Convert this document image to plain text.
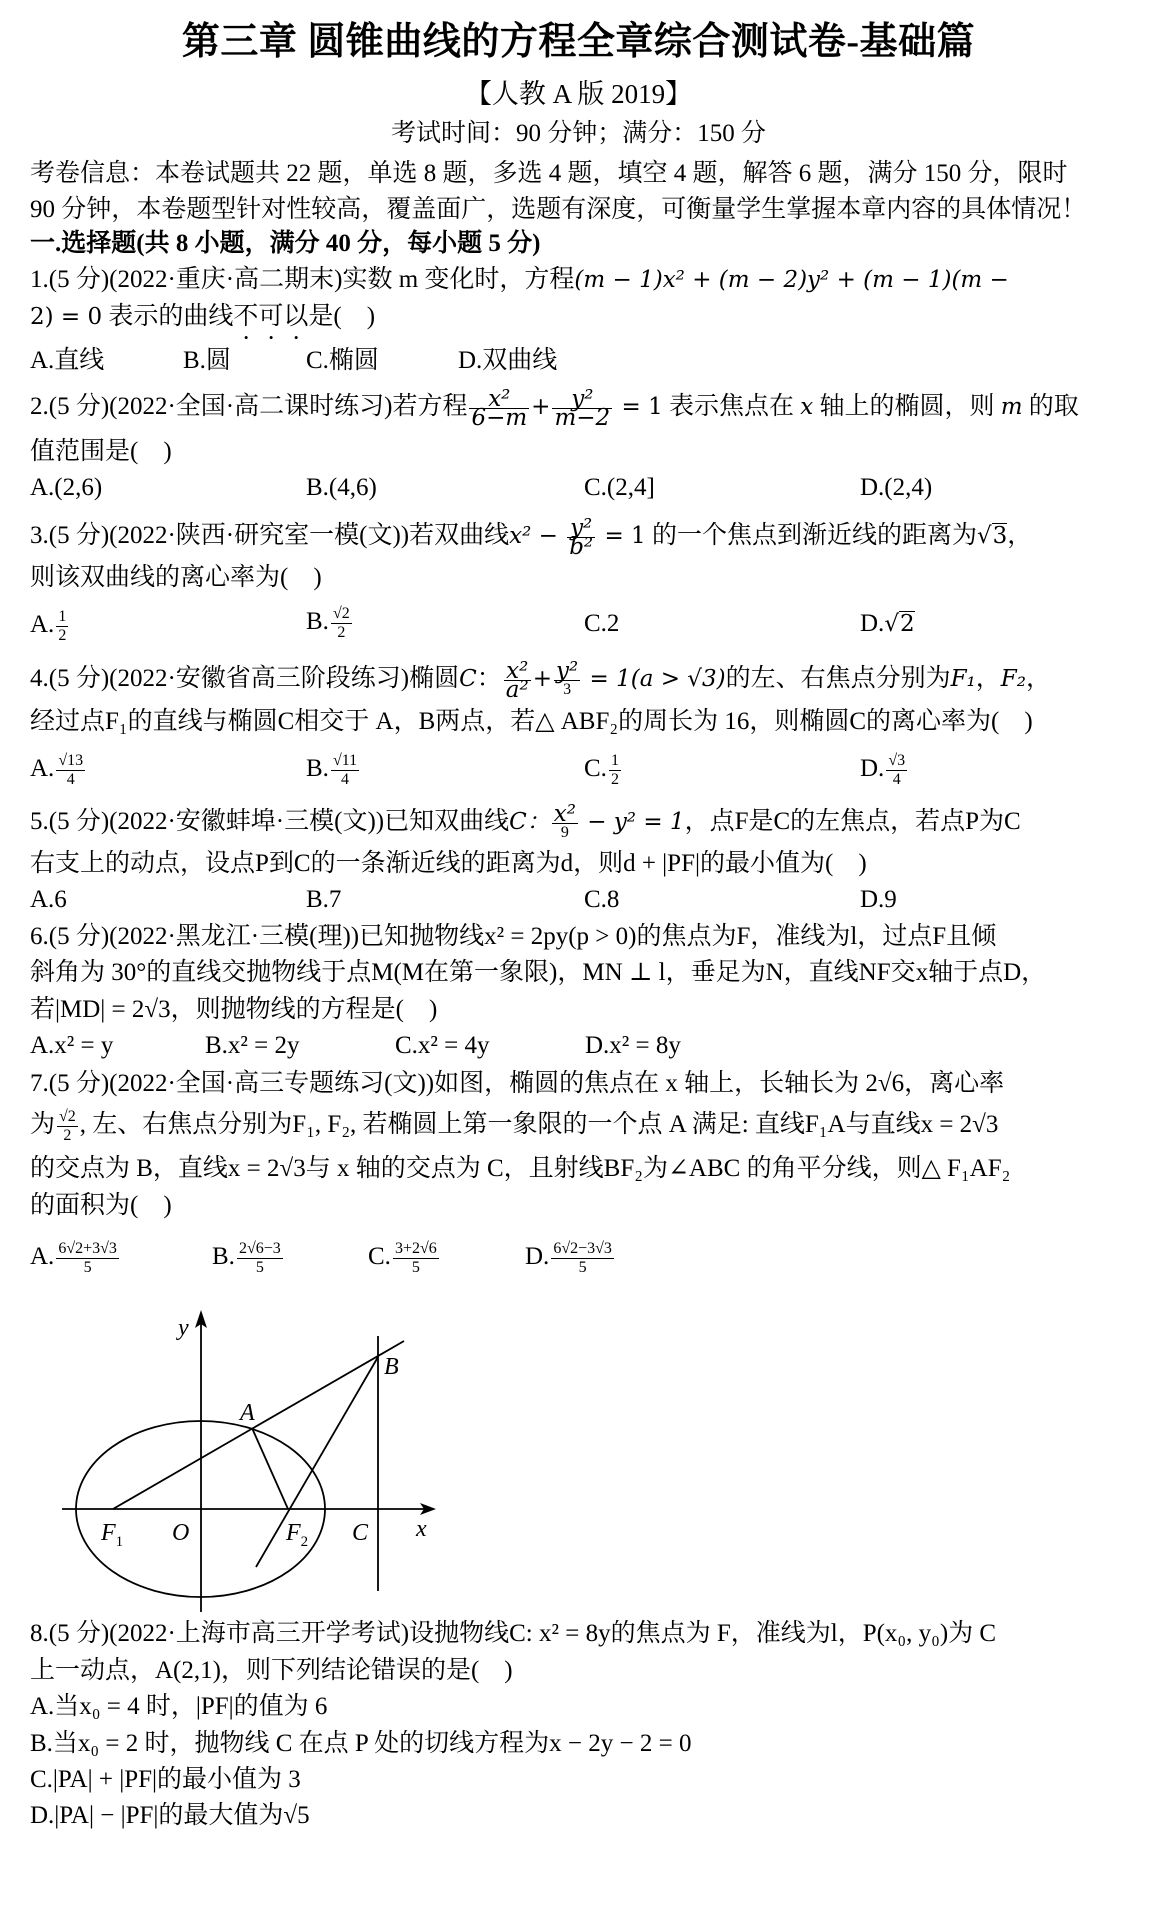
第三章 圆锥曲线的方程全章综合测试卷-基础篇
【人教 A 版 2019】
考试时间：90 分钟；满分：150 分
考卷信息：本卷试题共 22 题，单选 8 题，多选 4 题，填空 4 题，解答 6 题，满分 150 分，限时
90 分钟，本卷题型针对性较高，覆盖面广，选题有深度，可衡量学生掌握本章内容的具体情况！
一.选择题(共 8 小题，满分 40 分，每小题 5 分)
1.(5 分)(2022·重庆·高二期末)实数 m 变化时，方程(m − 1)x² + (m − 2)y² + (m − 1)(m −
2) = 0 表示的曲线不可以是(　)
A.直线	B.圆	C.椭圆	D.双曲线
2.(5 分)(2022·全国·高二课时练习)若方程 $\frac{\text{x²}}{6-m} + \frac{\text{y²}}{m-2} = 1$ 表示焦点在 x 轴上的椭圆，则 m 的取
值范围是(　)
A.(2,6)	B.(4,6)	C.(2,4]	D.(2,4)
3.(5 分)(2022·陕西·研究室一模(文))若双曲线$x^2 - \frac{\text{y²}}{\text{b²}} = 1$ 的一个焦点到渐近线的距离为√3，
则该双曲线的离心率为(　)
A. $\frac{1}{2}$	B. $\frac{√2}{2}$	C.2	D.√2
4.(5 分)(2022·安徽省高三阶段练习)椭圆C： $\frac{\text{x²}}{\text{a²}} + \frac{\text{y²}}{3} = 1(a > √3)$的左、右焦点分别为F₁，F₂，
经过点F₁的直线与椭圆C相交于 A，B两点，若△ ABF₂的周长为 16，则椭圆C的离心率为(　)
A. $\frac{√13}{4}$	B. $\frac{√11}{4}$	C. $\frac{1}{2}$	D. $\frac{√3}{4}$
5.(5 分)(2022·安徽蚌埠·三模(文))已知双曲线C： $\frac{\text{x²}}{9} - y^2 = 1$，点F是C的左焦点，若点P为C
右支上的动点，设点P到C的一条渐近线的距离为d，则d + |PF|的最小值为(　)
A.6	B.7	C.8	D.9
6.(5 分)(2022·黑龙江·三模(理))已知抛物线x² = 2py(p > 0)的焦点为F，准线为l，过点F且倾
斜角为 30°的直线交抛物线于点M(M在第一象限)，MN ⊥ l，垂足为N，直线NF交x轴于点D，
若|MD| = 2√3，则抛物线的方程是(　)
A.x² = y	B.x² = 2y	C.x² = 4y	D.x² = 8y
7.(5 分)(2022·全国·高三专题练习(文))如图，椭圆的焦点在 x 轴上，长轴长为 2√6，离心率
为 $\frac{√2}{2}$ , 左、右焦点分别为F₁, F₂, 若椭圆上第一象限的一个点 A 满足: 直线F₁A与直线x = 2√3
的交点为 B，直线x = 2√3与 x 轴的交点为 C，且射线BF₂为∠ABC 的角平分线，则△ F₁AF₂
的面积为(　)
A. $\frac{6√2+3√3}{5}$	B. $\frac{2√6-3}{5}$	C. $\frac{3+2√6}{5}$	D. $\frac{6√2-3√3}{5}$
y
x
O
$F_1$	$F_2$ C
A
B
8.(5 分)(2022·上海市高三开学考试)设抛物线C: x² = 8y的焦点为 F，准线为l，P(x₀, y₀)为 C
上一动点，A(2,1)，则下列结论错误的是(　)
A.当x₀ = 4 时，|PF|的值为 6
B.当x₀ = 2 时，抛物线 C 在点 P 处的切线方程为x − 2y − 2 = 0
C.|PA| + |PF|的最小值为 3
D.|PA| − |PF|的最大值为√5
